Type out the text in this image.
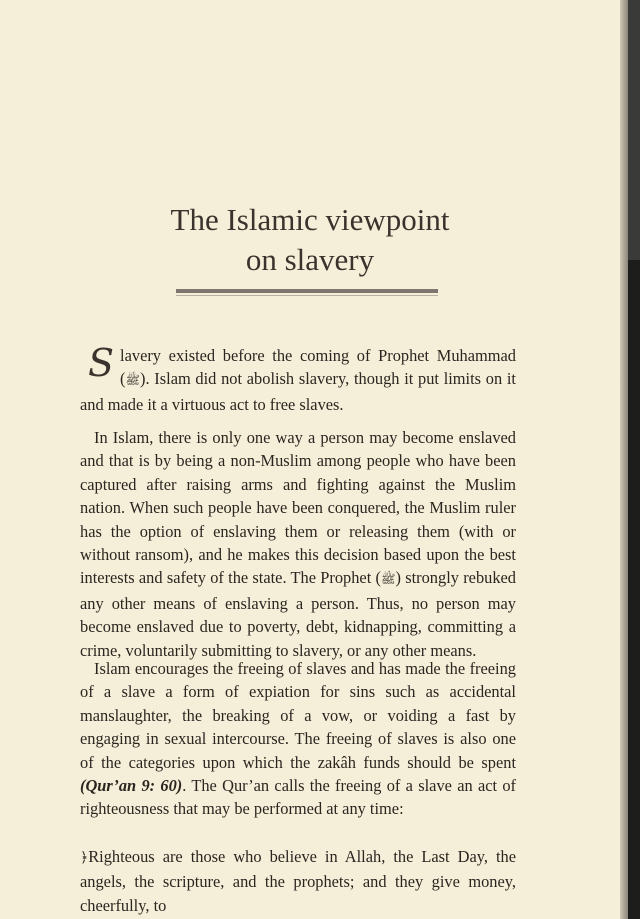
The Islamic viewpoint
on slavery

Slavery existed before the coming of Prophet Muhammad (ﷺ). Islam did not abolish slavery, though it put limits on it and made it a virtuous act to free slaves.

In Islam, there is only one way a person may become enslaved and that is by being a non-Muslim among people who have been captured after raising arms and fighting against the Muslim nation. When such people have been conquered, the Muslim ruler has the option of enslaving them or releasing them (with or without ransom), and he makes this decision based upon the best interests and safety of the state. The Prophet (ﷺ) strongly rebuked any other means of enslaving a person. Thus, no person may become enslaved due to poverty, debt, kidnapping, committing a crime, voluntarily submitting to slavery, or any other means.

Islam encourages the freeing of slaves and has made the freeing of a slave a form of expiation for sins such as accidental manslaughter, the breaking of a vow, or voiding a fast by engaging in sexual intercourse. The freeing of slaves is also one of the categories upon which the zakâh funds should be spent (Qur’an 9: 60). The Qur’an calls the freeing of a slave an act of righteousness that may be performed at any time:

﴿Righteous are those who believe in Allah, the Last Day, the angels, the scripture, and the prophets; and they give money, cheerfully, to
